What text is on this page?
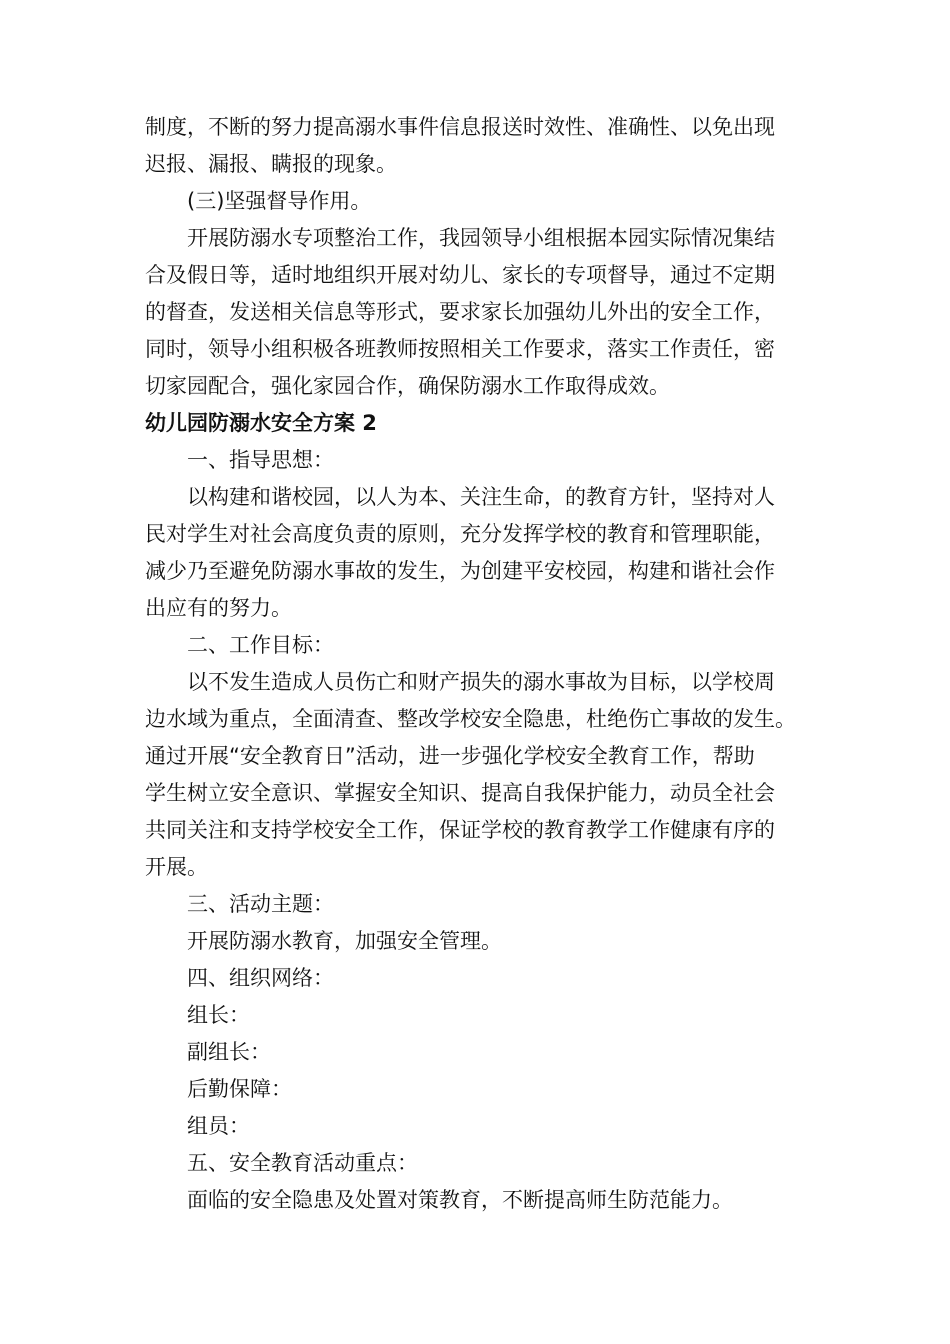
制度，不断的努力提高溺水事件信息报送时效性、准确性、以免出现
迟报、漏报、瞒报的现象。
(三)坚强督导作用。
开展防溺水专项整治工作，我园领导小组根据本园实际情况集结
合及假日等，适时地组织开展对幼儿、家长的专项督导，通过不定期
的督查，发送相关信息等形式，要求家长加强幼儿外出的安全工作，
同时，领导小组积极各班教师按照相关工作要求，落实工作责任，密
切家园配合，强化家园合作，确保防溺水工作取得成效。
幼儿园防溺水安全方案 2
一、指导思想：
以构建和谐校园，以人为本、关注生命，的教育方针，坚持对人
民对学生对社会高度负责的原则，充分发挥学校的教育和管理职能，
减少乃至避免防溺水事故的发生，为创建平安校园，构建和谐社会作
出应有的努力。
二、工作目标：
以不发生造成人员伤亡和财产损失的溺水事故为目标，以学校周
边水域为重点，全面清查、整改学校安全隐患，杜绝伤亡事故的发生。
通过开展“安全教育日”活动，进一步强化学校安全教育工作，帮助
学生树立安全意识、掌握安全知识、提高自我保护能力，动员全社会
共同关注和支持学校安全工作，保证学校的教育教学工作健康有序的
开展。
三、活动主题：
开展防溺水教育，加强安全管理。
四、组织网络：
组长：
副组长：
后勤保障：
组员：
五、安全教育活动重点：
面临的安全隐患及处置对策教育，不断提高师生防范能力。
